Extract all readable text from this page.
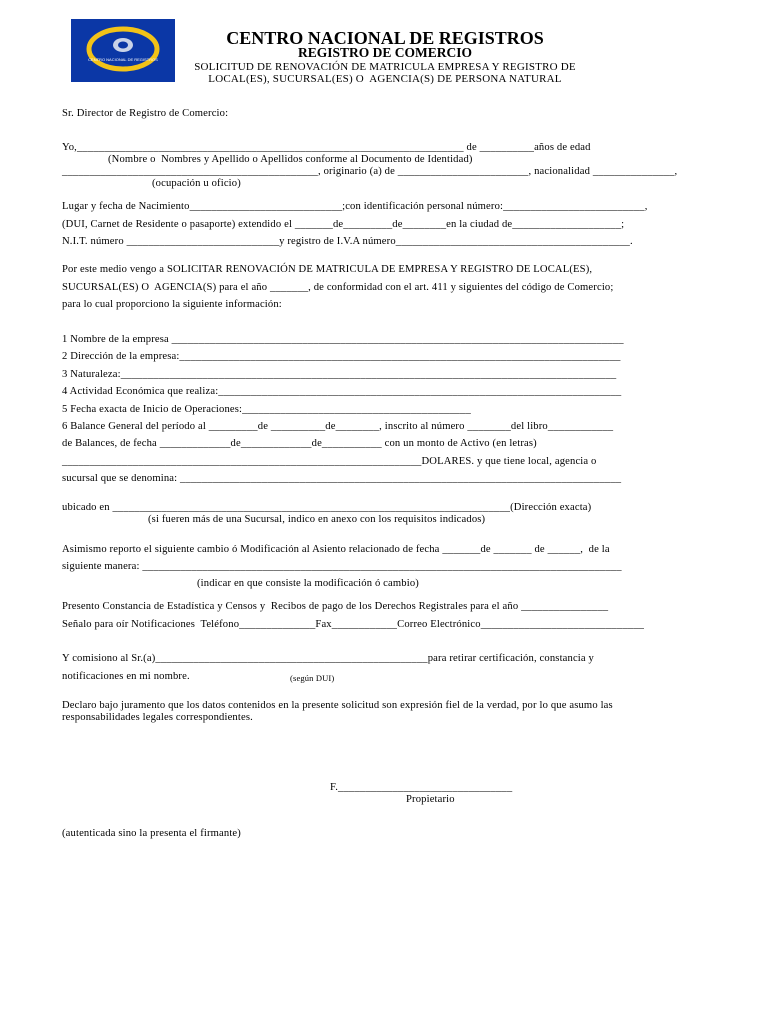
CENTRO NACIONAL DE REGISTROS
CENTRO NACIONAL DE REGISTROS
REGISTRO DE COMERCIO
SOLICITUD DE RENOVACIÓN DE MATRICULA EMPRESA Y REGISTRO DE
LOCAL(ES), SUCURSAL(ES) O  AGENCIA(S) DE PERSONA NATURAL
Sr. Director de Registro de Comercio:
Yo,_______________________________________________________________________ de __________años de edad
(Nombre o  Nombres y Apellido o Apellidos conforme al Documento de Identidad)
_______________________________________________, originario (a) de ________________________, nacionalidad _______________,
(ocupación u oficio)
Lugar y fecha de Nacimiento____________________________;con identificación personal número:__________________________,
(DUI, Carnet de Residente o pasaporte) extendido el _______de_________de________en la ciudad de____________________;
N.I.T. número ____________________________y registro de I.V.A número___________________________________________.
Por este medio vengo a SOLICITAR RENOVACIÓN DE MATRICULA DE EMPRESA Y REGISTRO DE LOCAL(ES),
SUCURSAL(ES) O  AGENCIA(S) para el año _______, de conformidad con el art. 411 y siguientes del código de Comercio;
para lo cual proporciono la siguiente información:
1 Nombre de la empresa ___________________________________________________________________________________
2 Dirección de la empresa:_________________________________________________________________________________
3 Naturaleza:___________________________________________________________________________________________
4 Actividad Económica que realiza:__________________________________________________________________________
5 Fecha exacta de Inicio de Operaciones:__________________________________________
6 Balance General del período al _________de __________de________, inscrito al número ________del libro____________
de Balances, de fecha _____________de_____________de___________ con un monto de Activo (en letras)
__________________________________________________________________DOLARES. y que tiene local, agencia o
sucursal que se denomina: _________________________________________________________________________________
ubicado en _________________________________________________________________________(Dirección exacta)
(si fueren más de una Sucursal, indico en anexo con los requisitos indicados)
Asimismo reporto el siguiente cambio ó Modificación al Asiento relacionado de fecha _______de _______ de ______,  de la
siguiente manera: ________________________________________________________________________________________
(indicar en que consiste la modificación ó cambio)
Presento Constancia de Estadística y Censos y  Recibos de pago de los Derechos Registrales para el año ________________
Señalo para oír Notificaciones  Teléfono______________Fax____________Correo Electrónico______________________________
Y comisiono al Sr.(a)__________________________________________________para retirar certificación, constancia y
notificaciones en mi nombre.	(según DUI)
Declaro bajo juramento que los datos contenidos en la presente solicitud son expresión fiel de la verdad, por lo que asumo las
responsabilidades legales correspondientes.
F.________________________________
Propietario
(autenticada sino la presenta el firmante)
